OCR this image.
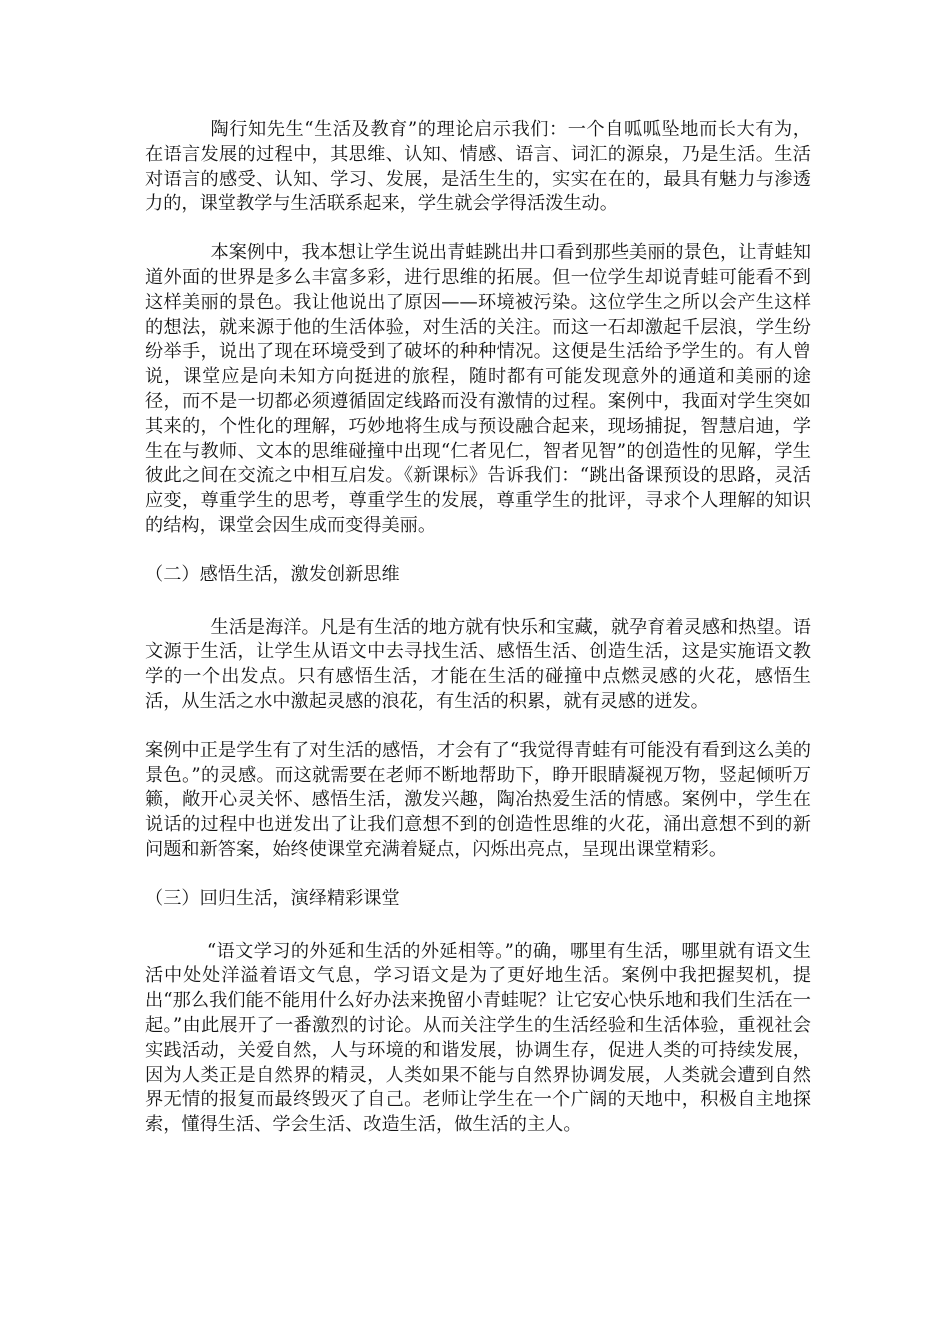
陶行知先生“生活及教育”的理论启示我们：一个自呱呱坠地而长大有为，在语言发展的过程中，其思维、认知、情感、语言、词汇的源泉，乃是生活。生活对语言的感受、认知、学习、发展，是活生生的，实实在在的，最具有魅力与渗透力的，课堂教学与生活联系起来，学生就会学得活泼生动。

本案例中，我本想让学生说出青蛙跳出井口看到那些美丽的景色，让青蛙知道外面的世界是多么丰富多彩，进行思维的拓展。但一位学生却说青蛙可能看不到这样美丽的景色。我让他说出了原因——环境被污染。这位学生之所以会产生这样的想法，就来源于他的生活体验，对生活的关注。而这一石却激起千层浪，学生纷纷举手，说出了现在环境受到了破坏的种种情况。这便是生活给予学生的。有人曾说，课堂应是向未知方向挺进的旅程，随时都有可能发现意外的通道和美丽的途径，而不是一切都必须遵循固定线路而没有激情的过程。案例中，我面对学生突如其来的，个性化的理解，巧妙地将生成与预设融合起来，现场捕捉，智慧启迪，学生在与教师、文本的思维碰撞中出现“仁者见仁，智者见智”的创造性的见解，学生彼此之间在交流之中相互启发。《新课标》告诉我们：“跳出备课预设的思路，灵活应变，尊重学生的思考，尊重学生的发展，尊重学生的批评，寻求个人理解的知识的结构，课堂会因生成而变得美丽。

（二）感悟生活，激发创新思维

生活是海洋。凡是有生活的地方就有快乐和宝藏，就孕育着灵感和热望。语文源于生活，让学生从语文中去寻找生活、感悟生活、创造生活，这是实施语文教学的一个出发点。只有感悟生活，才能在生活的碰撞中点燃灵感的火花，感悟生活，从生活之水中激起灵感的浪花，有生活的积累，就有灵感的迸发。

案例中正是学生有了对生活的感悟，才会有了“我觉得青蛙有可能没有看到这么美的景色。”的灵感。而这就需要在老师不断地帮助下，睁开眼睛凝视万物，竖起倾听万籁，敞开心灵关怀、感悟生活，激发兴趣，陶冶热爱生活的情感。案例中，学生在说话的过程中也迸发出了让我们意想不到的创造性思维的火花，涌出意想不到的新问题和新答案，始终使课堂充满着疑点，闪烁出亮点，呈现出课堂精彩。

（三）回归生活，演绎精彩课堂

“语文学习的外延和生活的外延相等。”的确，哪里有生活，哪里就有语文生活中处处洋溢着语文气息，学习语文是为了更好地生活。案例中我把握契机，提出“那么我们能不能用什么好办法来挽留小青蛙呢？让它安心快乐地和我们生活在一起。”由此展开了一番激烈的讨论。从而关注学生的生活经验和生活体验，重视社会实践活动，关爱自然，人与环境的和谐发展，协调生存，促进人类的可持续发展，因为人类正是自然界的精灵，人类如果不能与自然界协调发展，人类就会遭到自然界无情的报复而最终毁灭了自己。老师让学生在一个广阔的天地中，积极自主地探索，懂得生活、学会生活、改造生活，做生活的主人。
